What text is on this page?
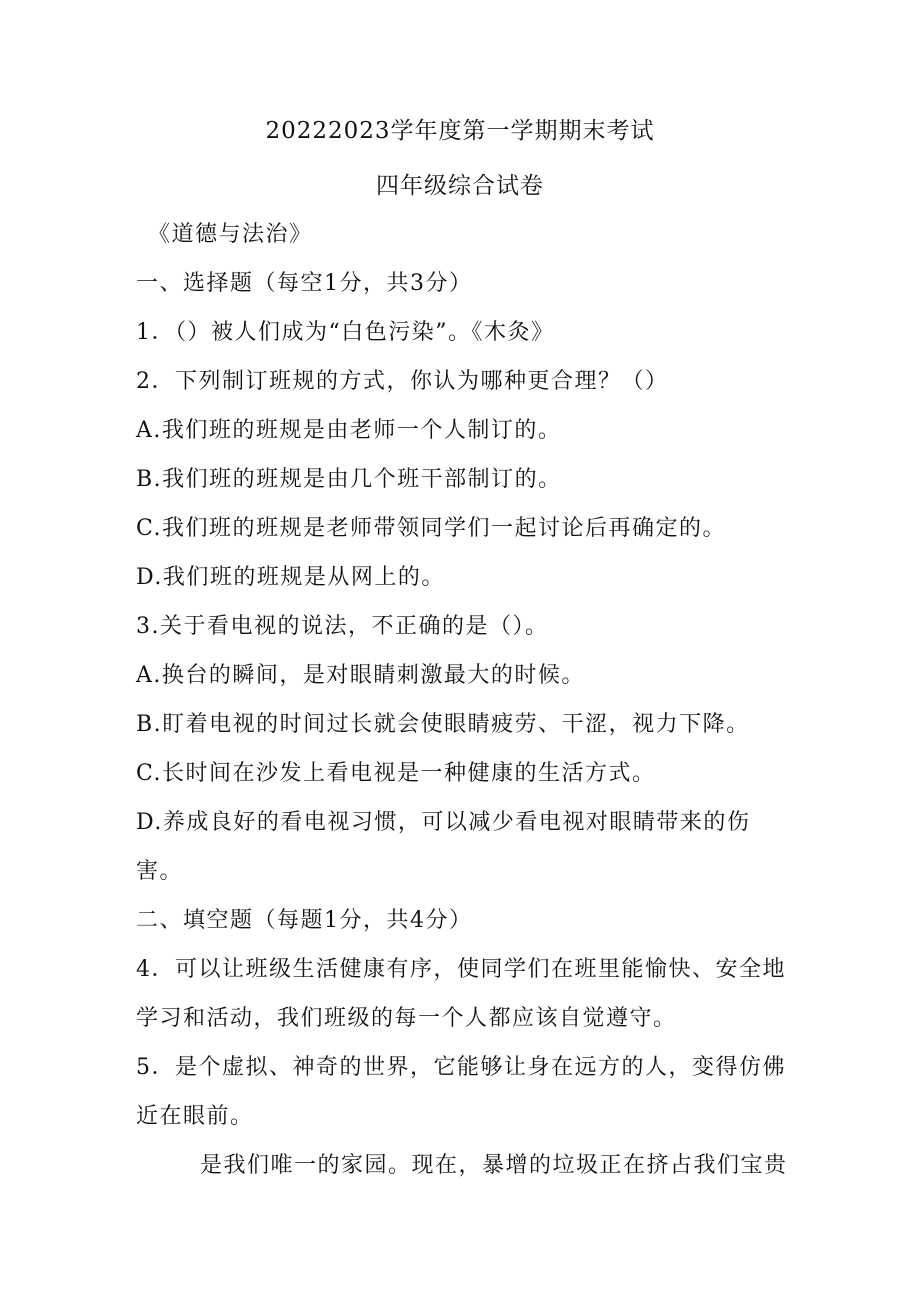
20222023学年度第一学期期末考试
四年级综合试卷
《道德与法治》
一、选择题（每空1分，共3分）
1．（）被人们成为“白色污染”。《木灸》
2．下列制订班规的方式，你认为哪种更合理？（）
A.我们班的班规是由老师一个人制订的。
B.我们班的班规是由几个班干部制订的。
C.我们班的班规是老师带领同学们一起讨论后再确定的。
D.我们班的班规是从网上的。
3.关于看电视的说法，不正确的是（）。
A.换台的瞬间，是对眼睛刺激最大的时候。
B.盯着电视的时间过长就会使眼睛疲劳、干涩，视力下降。
C.长时间在沙发上看电视是一种健康的生活方式。
D.养成良好的看电视习惯，可以减少看电视对眼睛带来的伤
害。
二、填空题（每题1分，共4分）
4．可以让班级生活健康有序，使同学们在班里能愉快、安全地
学习和活动，我们班级的每一个人都应该自觉遵守。
5．是个虚拟、神奇的世界，它能够让身在远方的人，变得仿佛
近在眼前。
是我们唯一的家园。现在，暴增的垃圾正在挤占我们宝贵
